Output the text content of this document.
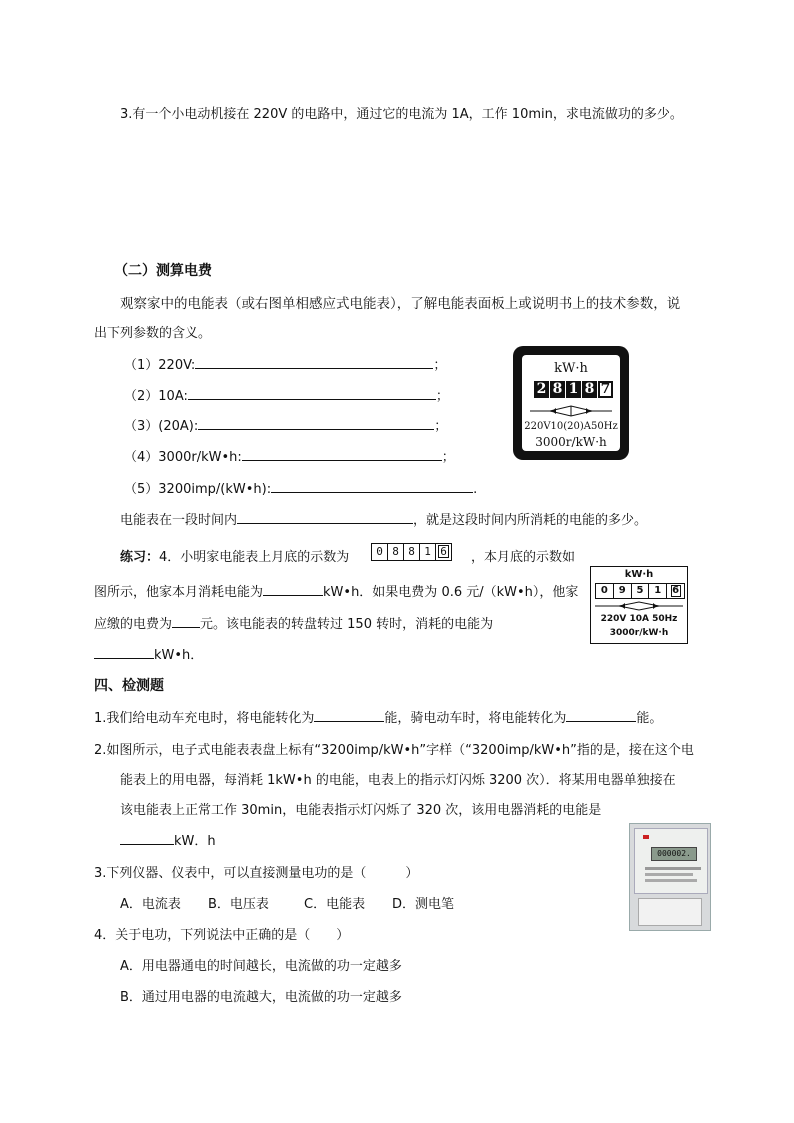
3.有一个小电动机接在 220V 的电路中，通过它的电流为 1A，工作 10min，求电流做功的多少。
（二）测算电费
观察家中的电能表（或右图单相感应式电能表），了解电能表面板上或说明书上的技术参数，说
出下列参数的含义。
（1）220V:	；
（2）10A:	；
（3）(20A):	；
（4）3000r/kW•h:	；
（5）3200imp/(kW•h):	.
电能表在一段时间内	，就是这段时间内所消耗的电能的多少。
kW·h
2 8 1 8 7
220V10(20)A50Hz
3000r/kW·h
练习：4．小明家电能表上月底的示数为	0 8 8 1 6	，本月底的示数如
图所示，他家本月消耗电能为	kW•h．如果电费为 0.6 元/（kW•h），他家
应缴的电费为 元。该电能表的转盘转过 150 转时，消耗的电能为
kW•h．
kW·h
0	9	5	1	6
220V 10A 50Hz
3000r/kW·h
四、检测题
1.我们给电动车充电时，将电能转化为	能，骑电动车时，将电能转化为	能。
2.如图所示，电子式电能表表盘上标有“3200imp/kW•h”字样（“3200imp/kW•h”指的是，接在这个电
能表上的用电器，每消耗 1kW•h 的电能，电表上的指示灯闪烁 3200 次）．将某用电器单独接在
该电能表上正常工作 30min，电能表指示灯闪烁了 320 次，该用电器消耗的电能是
kW．h
3.下列仪器、仪表中，可以直接测量电功的是（　　　）
A．电流表 B．电压表	C．电能表 D．测电笔
4．关于电功，下列说法中正确的是（　　）
A．用电器通电的时间越长，电流做的功一定越多
B．通过用电器的电流越大，电流做的功一定越多
000002.
